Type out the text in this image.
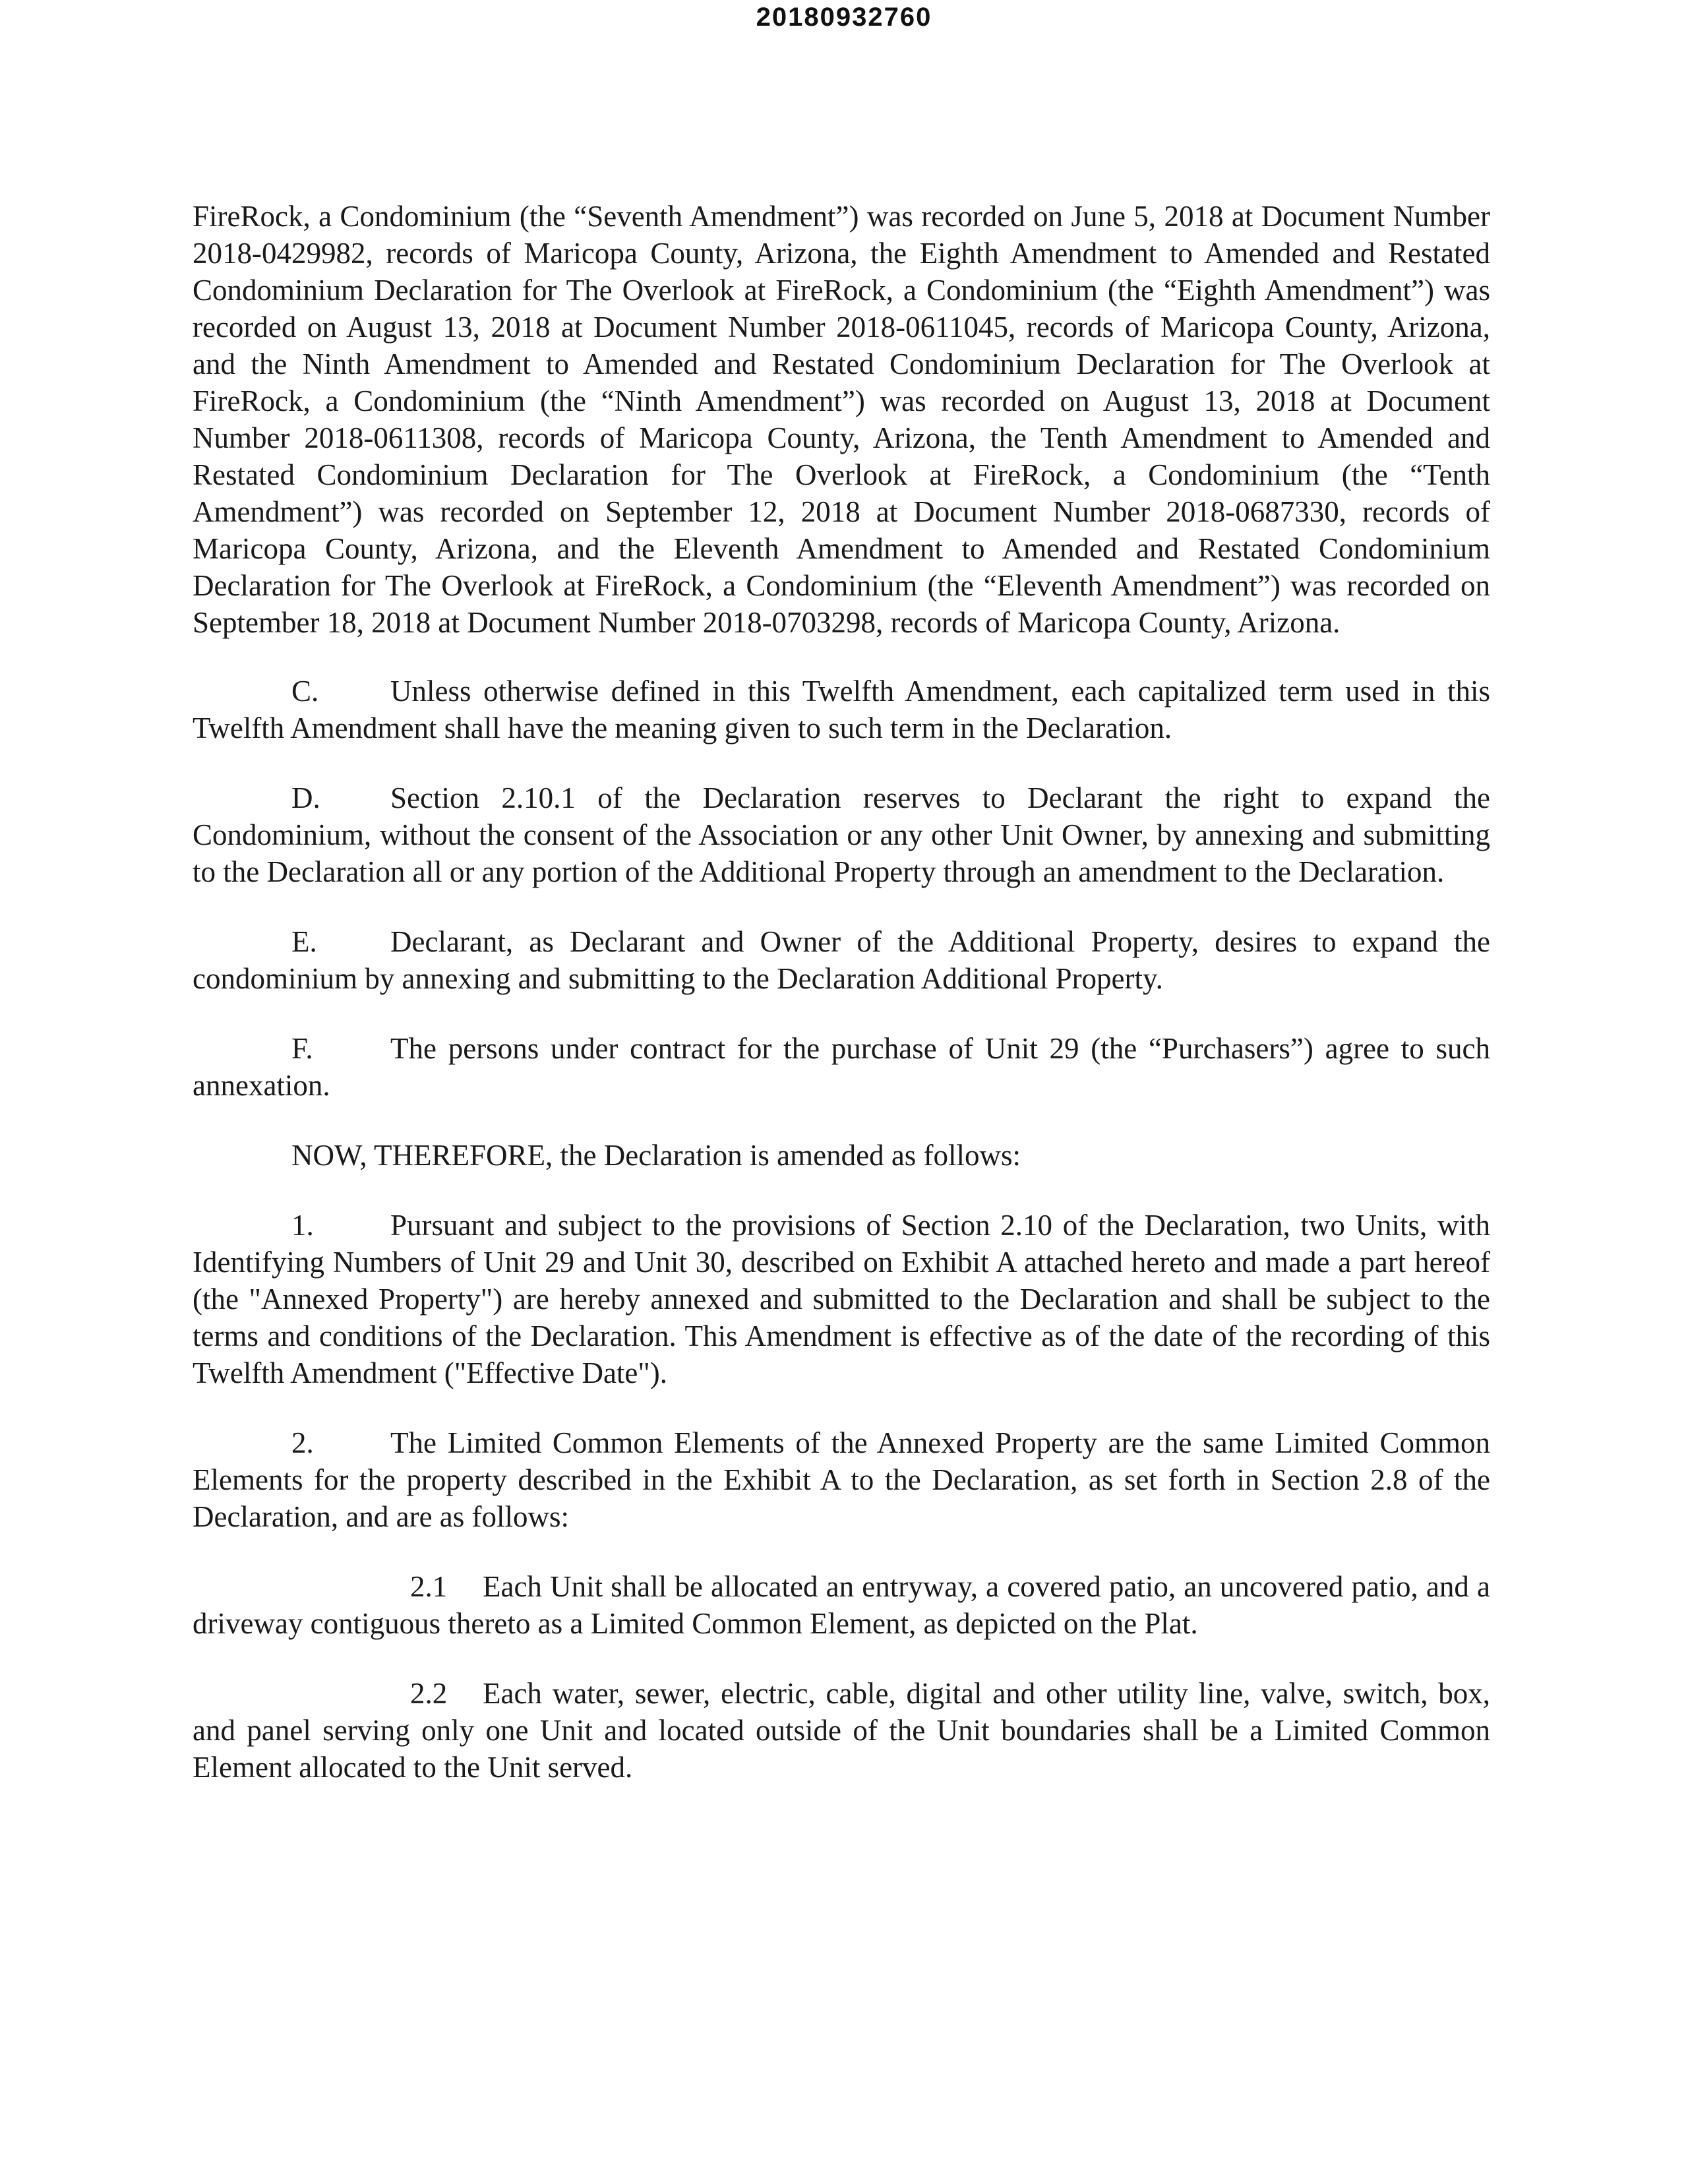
20180932760

FireRock, a Condominium (the “Seventh Amendment”) was recorded on June 5, 2018 at Document Number 2018-0429982, records of Maricopa County, Arizona, the Eighth Amendment to Amended and Restated Condominium Declaration for The Overlook at FireRock, a Condominium (the “Eighth Amendment”) was recorded on August 13, 2018 at Document Number 2018-0611045, records of Maricopa County, Arizona, and the Ninth Amendment to Amended and Restated Condominium Declaration for The Overlook at FireRock, a Condominium (the “Ninth Amendment”) was recorded on August 13, 2018 at Document Number 2018-0611308, records of Maricopa County, Arizona, the Tenth Amendment to Amended and Restated Condominium Declaration for The Overlook at FireRock, a Condominium (the “Tenth Amendment”) was recorded on September 12, 2018 at Document Number 2018-0687330, records of Maricopa County, Arizona, and the Eleventh Amendment to Amended and Restated Condominium Declaration for The Overlook at FireRock, a Condominium (the “Eleventh Amendment”) was recorded on September 18, 2018 at Document Number 2018-0703298, records of Maricopa County, Arizona.

C. Unless otherwise defined in this Twelfth Amendment, each capitalized term used in this Twelfth Amendment shall have the meaning given to such term in the Declaration.

D. Section 2.10.1 of the Declaration reserves to Declarant the right to expand the Condominium, without the consent of the Association or any other Unit Owner, by annexing and submitting to the Declaration all or any portion of the Additional Property through an amendment to the Declaration.

E. Declarant, as Declarant and Owner of the Additional Property, desires to expand the condominium by annexing and submitting to the Declaration Additional Property.

F.	The persons under contract for the purchase of Unit 29 (the “Purchasers”) agree to such annexation.

NOW, THEREFORE, the Declaration is amended as follows:

1.	Pursuant and subject to the provisions of Section 2.10 of the Declaration, two Units, with Identifying Numbers of Unit 29 and Unit 30, described on Exhibit A attached hereto and made a part hereof (the "Annexed Property") are hereby annexed and submitted to the Declaration and shall be subject to the terms and conditions of the Declaration. This Amendment is effective as of the date of the recording of this Twelfth Amendment ("Effective Date").

2.	The Limited Common Elements of the Annexed Property are the same Limited Common Elements for the property described in the Exhibit A to the Declaration, as set forth in Section 2.8 of the Declaration, and are as follows:

2.1 Each Unit shall be allocated an entryway, a covered patio, an uncovered patio, and a driveway contiguous thereto as a Limited Common Element, as depicted on the Plat.

2.2 Each water, sewer, electric, cable, digital and other utility line, valve, switch, box, and panel serving only one Unit and located outside of the Unit boundaries shall be a Limited Common Element allocated to the Unit served.
